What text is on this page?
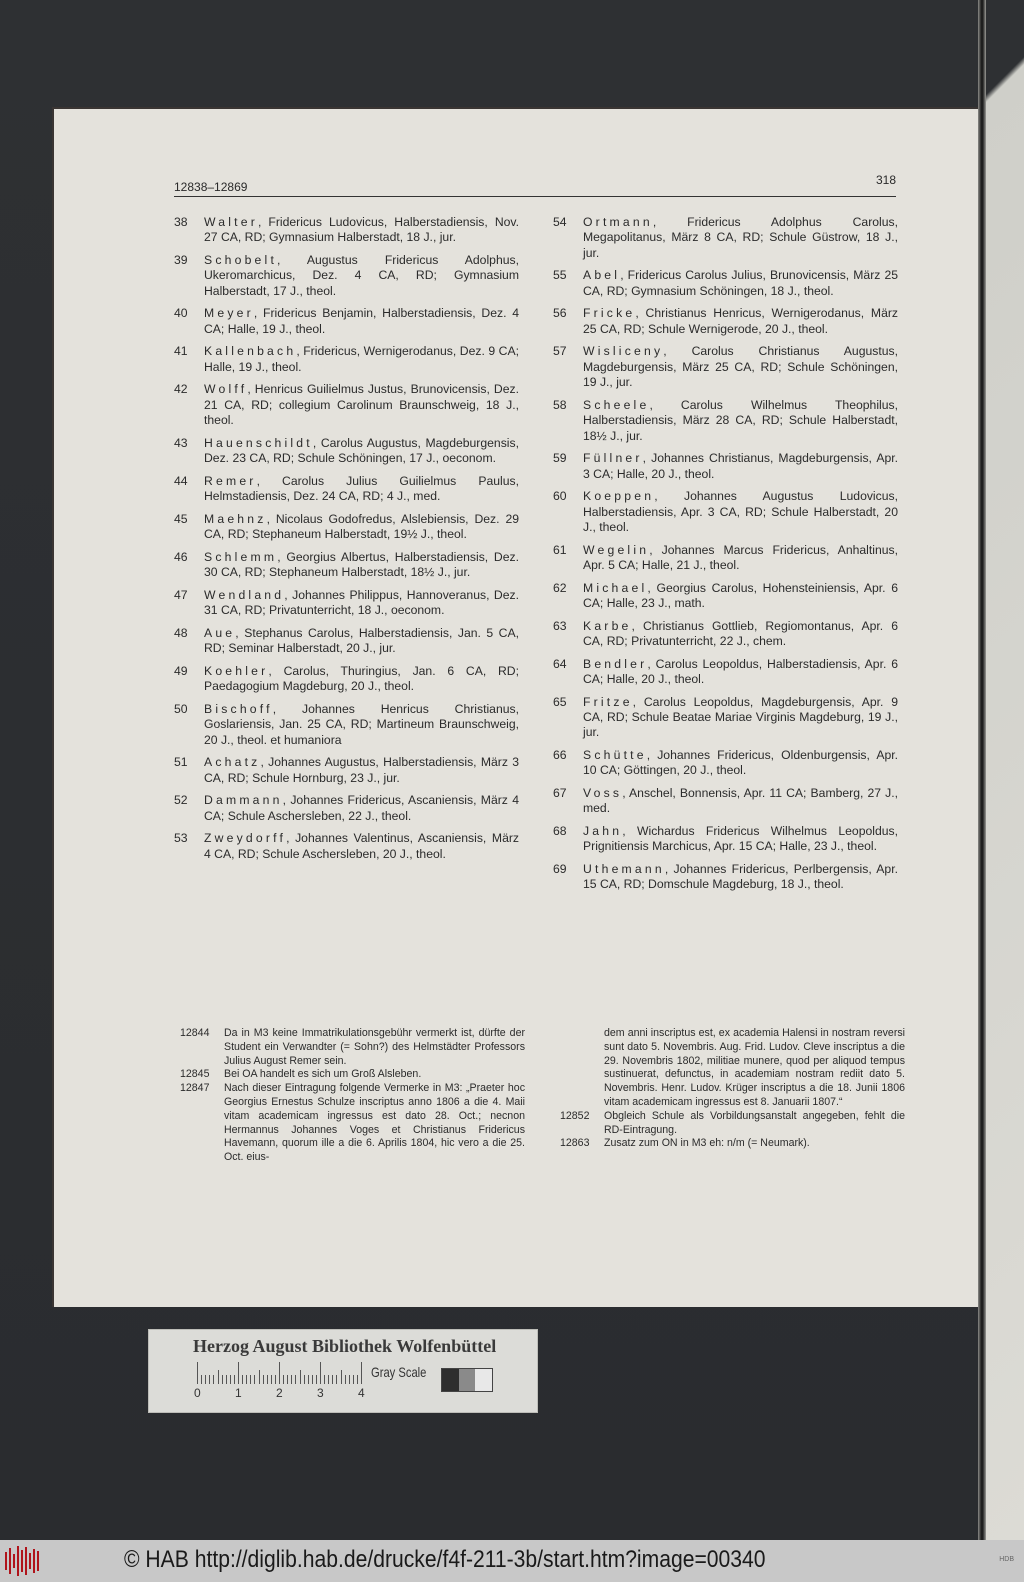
12838–12869	318
38	Walter, Fridericus Ludovicus, Halberstadiensis, Nov. 27 CA, RD; Gymnasium Halberstadt, 18 J., jur.
39	Schobelt, Augustus Fridericus Adolphus, Ukeromarchicus, Dez. 4 CA, RD; Gymnasium Halberstadt, 17 J., theol.
40	Meyer, Fridericus Benjamin, Halberstadiensis, Dez. 4 CA; Halle, 19 J., theol.
41	Kallenbach, Fridericus, Wernigerodanus, Dez. 9 CA; Halle, 19 J., theol.
42	Wolff, Henricus Guilielmus Justus, Brunovicensis, Dez. 21 CA, RD; collegium Carolinum Braunschweig, 18 J., theol.
43	Hauenschildt, Carolus Augustus, Magdeburgensis, Dez. 23 CA, RD; Schule Schöningen, 17 J., oeconom.
44	Remer, Carolus Julius Guilielmus Paulus, Helmstadiensis, Dez. 24 CA, RD; 4 J., med.
45	Maehnz, Nicolaus Godofredus, Alslebiensis, Dez. 29 CA, RD; Stephaneum Halberstadt, 19½ J., theol.
46	Schlemm, Georgius Albertus, Halberstadiensis, Dez. 30 CA, RD; Stephaneum Halberstadt, 18½ J., jur.
47	Wendland, Johannes Philippus, Hannoveranus, Dez. 31 CA, RD; Privatunterricht, 18 J., oeconom.
48	Aue, Stephanus Carolus, Halberstadiensis, Jan. 5 CA, RD; Seminar Halberstadt, 20 J., jur.
49	Koehler, Carolus, Thuringius, Jan. 6 CA, RD; Paedagogium Magdeburg, 20 J., theol.
50	Bischoff, Johannes Henricus Christianus, Goslariensis, Jan. 25 CA, RD; Martineum Braunschweig, 20 J., theol. et humaniora
51	Achatz, Johannes Augustus, Halberstadiensis, März 3 CA, RD; Schule Hornburg, 23 J., jur.
52	Dammann, Johannes Fridericus, Ascaniensis, März 4 CA; Schule Aschersleben, 22 J., theol.
53	Zweydorff, Johannes Valentinus, Ascaniensis, März 4 CA, RD; Schule Aschersleben, 20 J., theol.
54	Ortmann, Fridericus Adolphus Carolus, Megapolitanus, März 8 CA, RD; Schule Güstrow, 18 J., jur.
55	Abel, Fridericus Carolus Julius, Brunovicensis, März 25 CA, RD; Gymnasium Schöningen, 18 J., theol.
56	Fricke, Christianus Henricus, Wernigerodanus, März 25 CA, RD; Schule Wernigerode, 20 J., theol.
57	Wisliceny, Carolus Christianus Augustus, Magdeburgensis, März 25 CA, RD; Schule Schöningen, 19 J., jur.
58	Scheele, Carolus Wilhelmus Theophilus, Halberstadiensis, März 28 CA, RD; Schule Halberstadt, 18½ J., jur.
59	Füllner, Johannes Christianus, Magdeburgensis, Apr. 3 CA; Halle, 20 J., theol.
60	Koeppen, Johannes Augustus Ludovicus, Halberstadiensis, Apr. 3 CA, RD; Schule Halberstadt, 20 J., theol.
61	Wegelin, Johannes Marcus Fridericus, Anhaltinus, Apr. 5 CA; Halle, 21 J., theol.
62	Michael, Georgius Carolus, Hohensteiniensis, Apr. 6 CA; Halle, 23 J., math.
63	Karbe, Christianus Gottlieb, Regiomontanus, Apr. 6 CA, RD; Privatunterricht, 22 J., chem.
64	Bendler, Carolus Leopoldus, Halberstadiensis, Apr. 6 CA; Halle, 20 J., theol.
65	Fritze, Carolus Leopoldus, Magdeburgensis, Apr. 9 CA, RD; Schule Beatae Mariae Virginis Magdeburg, 19 J., jur.
66	Schütte, Johannes Fridericus, Oldenburgensis, Apr. 10 CA; Göttingen, 20 J., theol.
67	Voss, Anschel, Bonnensis, Apr. 11 CA; Bamberg, 27 J., med.
68	Jahn, Wichardus Fridericus Wilhelmus Leopoldus, Prignitiensis Marchicus, Apr. 15 CA; Halle, 23 J., theol.
69	Uthemann, Johannes Fridericus, Perlbergensis, Apr. 15 CA, RD; Domschule Magdeburg, 18 J., theol.
12844	Da in M3 keine Immatrikulationsgebühr vermerkt ist, dürfte der Student ein Verwandter (= Sohn?) des Helmstädter Professors Julius August Remer sein.
12845	Bei OA handelt es sich um Groß Alsleben.
12847	Nach dieser Eintragung folgende Vermerke in M3: „Praeter hoc Georgius Ernestus Schulze inscriptus anno 1806 a die 4. Maii vitam academicam ingressus est dato 28. Oct.; necnon Hermannus Johannes Voges et Christianus Fridericus Havemann, quorum ille a die 6. Aprilis 1804, hic vero a die 25. Oct. eius-
dem anni inscriptus est, ex academia Halensi in nostram reversi sunt dato 5. Novembris. Aug. Frid. Ludov. Cleve inscriptus a die 29. Novembris 1802, militiae munere, quod per aliquod tempus sustinuerat, defunctus, in academiam nostram rediit dato 5. Novembris. Henr. Ludov. Krüger inscriptus a die 18. Junii 1806 vitam academicam ingressus est 8. Januarii 1807.“
12852	Obgleich Schule als Vorbildungsanstalt angegeben, fehlt die RD-Eintragung.
12863	Zusatz zum ON in M3 eh: n/m (= Neumark).
Herzog August Bibliothek Wolfenbüttel
0	1	2	3	4
Gray Scale
© HAB http://diglib.hab.de/drucke/f4f-211-3b/start.htm?image=00340	HDB
